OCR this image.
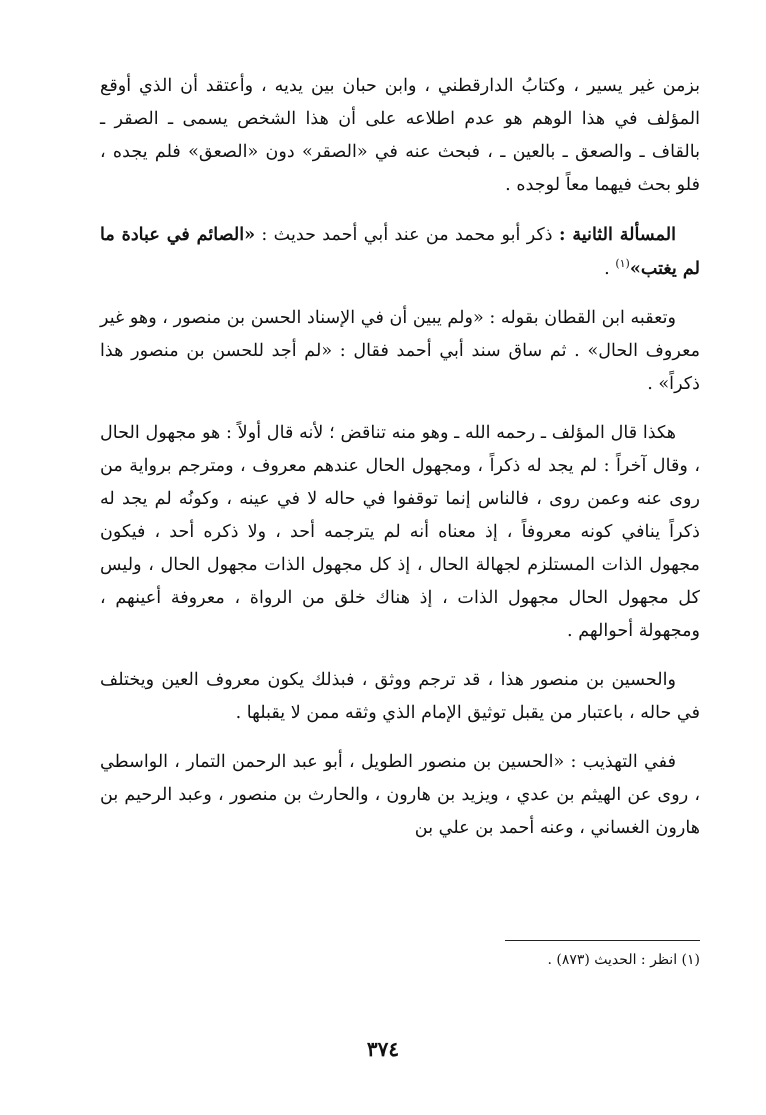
بزمن غير يسير ، وكتابُ الدارقطني ، وابن حبان بين يديه ، وأعتقد أن الذي أوقع المؤلف في هذا الوهم هو عدم اطلاعه على أن هذا الشخص يسمى ـ الصقر ـ بالقاف ـ والصعق ـ بالعين ـ ، فبحث عنه في «الصقر» دون «الصعق» فلم يجده ، فلو بحث فيهما معاً لوجده .

المسألة الثانية : ذكر أبو محمد من عند أبي أحمد حديث : «الصائم في عبادة ما لم يغتب»$^{(١)}$ .

وتعقبه ابن القطان بقوله : «ولم يبين أن في الإسناد الحسن بن منصور ، وهو غير معروف الحال» . ثم ساق سند أبي أحمد فقال : «لم أجد للحسن بن منصور هذا ذكراً» .

هكذا قال المؤلف ـ رحمه الله ـ وهو منه تناقض ؛ لأنه قال أولاً : هو مجهول الحال ، وقال آخراً : لم يجد له ذكراً ، ومجهول الحال عندهم معروف ، ومترجم برواية من روى عنه وعمن روى ، فالناس إنما توقفوا في حاله لا في عينه ، وكونُه لم يجد له ذكراً ينافي كونه معروفاً ، إذ معناه أنه لم يترجمه أحد ، ولا ذكره أحد ، فيكون مجهول الذات المستلزم لجهالة الحال ، إذ كل مجهول الذات مجهول الحال ، وليس كل مجهول الحال مجهول الذات ، إذ هناك خلق من الرواة ، معروفة أعينهم ، ومجهولة أحوالهم .

والحسين بن منصور هذا ، قد ترجم ووثق ، فبذلك يكون معروف العين ويختلف في حاله ، باعتبار من يقبل توثيق الإمام الذي وثقه ممن لا يقبلها .

ففي التهذيب : «الحسين بن منصور الطويل ، أبو عبد الرحمن التمار ، الواسطي ، روى عن الهيثم بن عدي ، ويزيد بن هارون ، والحارث بن منصور ، وعبد الرحيم بن هارون الغساني ، وعنه أحمد بن علي بن

(١) انظر : الحديث (٨٧٣) .
٣٧٤
